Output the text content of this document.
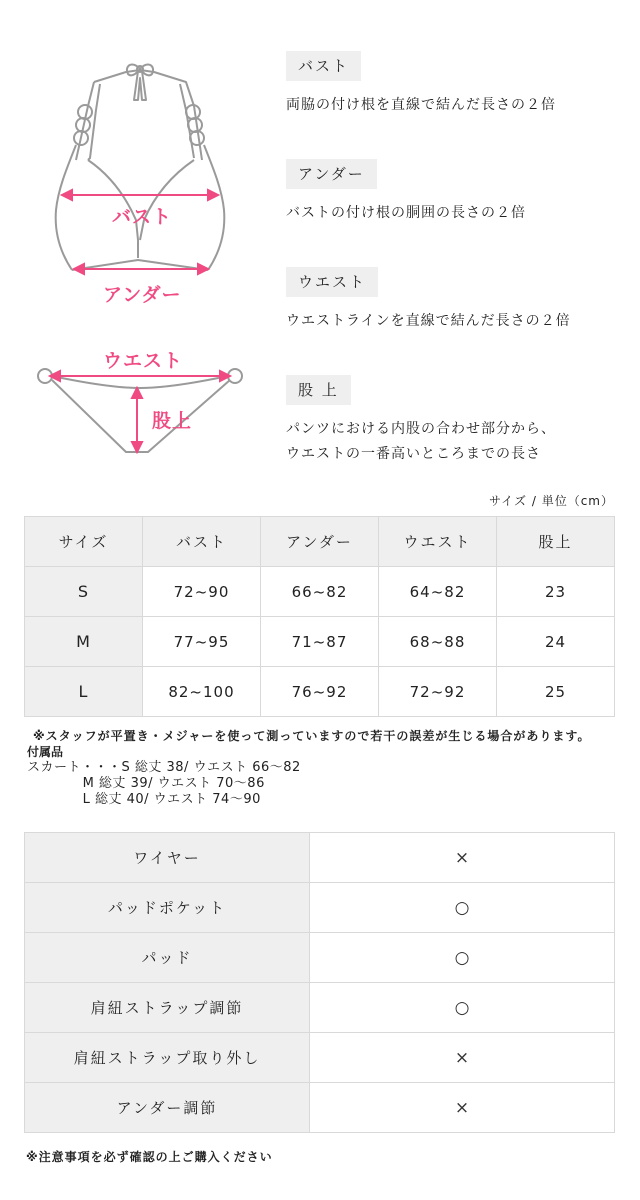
バスト
アンダー
ウエスト
股上
バスト
両脇の付け根を直線で結んだ長さの２倍
アンダー
バストの付け根の胴囲の長さの２倍
ウエスト
ウエストラインを直線で結んだ長さの２倍
股 上
パンツにおける内股の合わせ部分から、
ウエストの一番高いところまでの長さ
サイズ / 単位（cm）
サイズ	バスト	アンダー	ウエスト	股上
S	72~90	66~82	64~82	23
M	77~95	71~87	68~88	24
L	82~100	76~92	72~92	25
※スタッフが平置き・メジャーを使って測っていますので若干の誤差が生じる場合があります。
付属品
スカート・・・S 総丈 38/ ウエスト 66～82
M 総丈 39/ ウエスト 70～86
L 総丈 40/ ウエスト 74～90
ワイヤー	×
パッドポケット	○
パッド	○
肩紐ストラップ調節	○
肩紐ストラップ取り外し	×
アンダー調節	×
※注意事項を必ず確認の上ご購入ください
